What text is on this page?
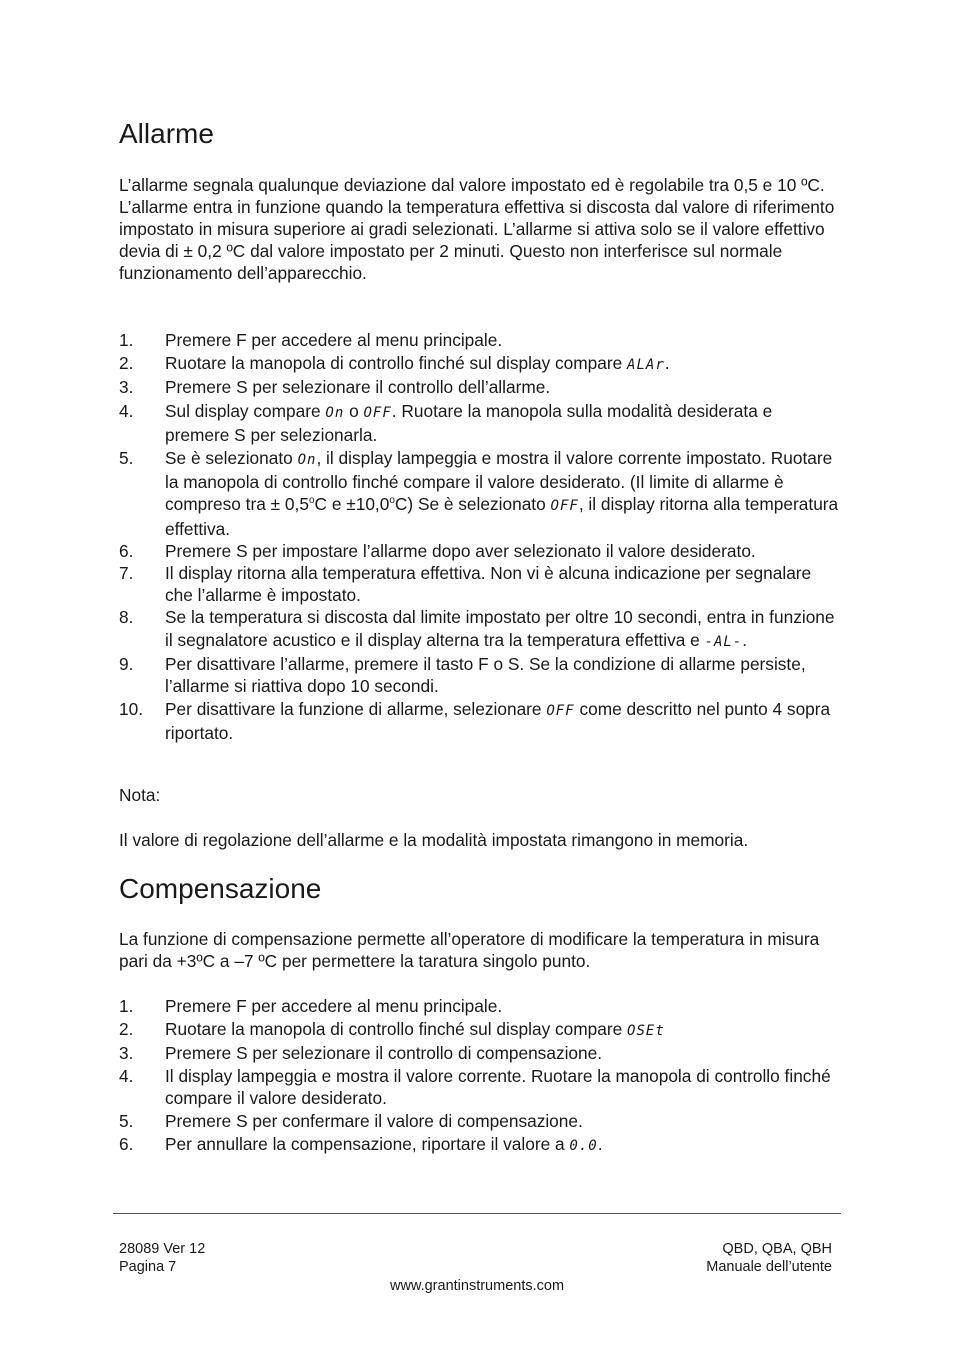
Allarme
L’allarme segnala qualunque deviazione dal valore impostato ed è regolabile tra 0,5 e 10 ºC. L’allarme entra in funzione quando la temperatura effettiva si discosta dal valore di riferimento impostato in misura superiore ai gradi selezionati. L’allarme si attiva solo se il valore effettivo devia di ± 0,2 ºC dal valore impostato per 2 minuti. Questo non interferisce sul normale funzionamento dell’apparecchio.
1. Premere F per accedere al menu principale.
2. Ruotare la manopola di controllo finché sul display compare ALAr.
3. Premere S per selezionare il controllo dell’allarme.
4. Sul display compare On o OFF. Ruotare la manopola sulla modalità desiderata e premere S per selezionarla.
5. Se è selezionato On, il display lampeggia e mostra il valore corrente impostato. Ruotare la manopola di controllo finché compare il valore desiderato. (Il limite di allarme è compreso tra ± $0,5^oC$ $e \pm 10,0^oC$) Se è selezionato OFF, il display ritorna alla temperatura effettiva.
6. Premere S per impostare l’allarme dopo aver selezionato il valore desiderato.
7. Il display ritorna alla temperatura effettiva. Non vi è alcuna indicazione per segnalare che l’allarme è impostato.
8. Se la temperatura si discosta dal limite impostato per oltre 10 secondi, entra in funzione il segnalatore acustico e il display alterna tra la temperatura effettiva e -AL-.
9. Per disattivare l’allarme, premere il tasto F o S. Se la condizione di allarme persiste, l’allarme si riattiva dopo 10 secondi.
10. Per disattivare la funzione di allarme, selezionare OFF come descritto nel punto 4 sopra riportato.
Nota:
Il valore di regolazione dell’allarme e la modalità impostata rimangono in memoria.
Compensazione
La funzione di compensazione permette all’operatore di modificare la temperatura in misura pari da +3ºC a –7 ºC per permettere la taratura singolo punto.
1. Premere F per accedere al menu principale.
2. Ruotare la manopola di controllo finché sul display compare OSEt
3. Premere S per selezionare il controllo di compensazione.
4. Il display lampeggia e mostra il valore corrente. Ruotare la manopola di controllo finché compare il valore desiderato.
5. Premere S per confermare il valore di compensazione.
6. Per annullare la compensazione, riportare il valore a 0.0.
28089 Ver 12
Pagina 7
QBD, QBA, QBH
Manuale dell’utente
www.grantinstruments.com
